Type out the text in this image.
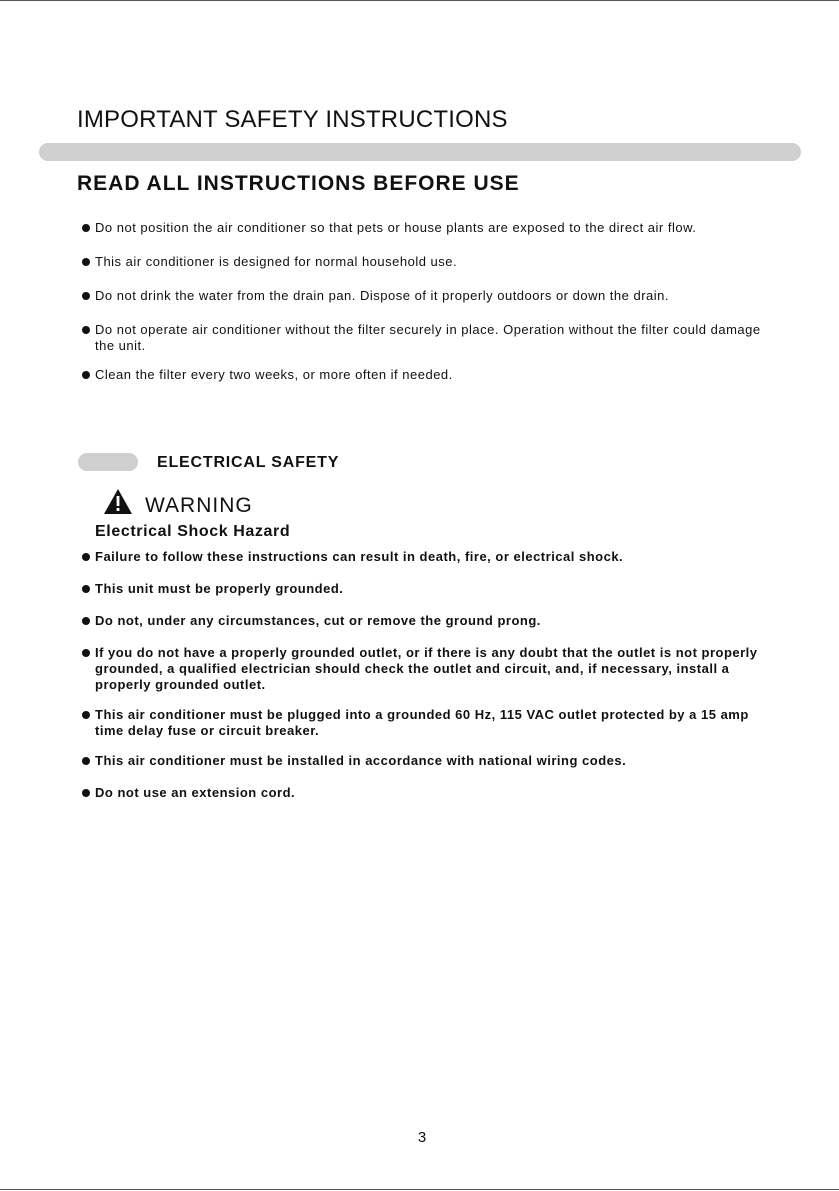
IMPORTANT SAFETY INSTRUCTIONS
READ ALL INSTRUCTIONS BEFORE USE
Do not position the air conditioner so that pets or house plants are exposed to the direct air flow.
This air conditioner is designed for normal household use.
Do not drink the water from the drain pan. Dispose of it properly outdoors or down the drain.
Do not operate air conditioner without the filter securely in place. Operation without the filter could damage the unit.
Clean the filter every two weeks, or more often if needed.
ELECTRICAL SAFETY
WARNING
Electrical Shock Hazard
Failure to follow these instructions can result in death, fire, or electrical shock.
This unit must be properly grounded.
Do not, under any circumstances, cut or remove the ground prong.
If you do not have a properly grounded outlet, or if there is any doubt that the outlet is not properly grounded, a qualified electrician should check the outlet and circuit, and, if necessary, install a properly grounded outlet.
This air conditioner must be plugged into a grounded 60 Hz, 115 VAC outlet protected by a 15 amp time delay fuse or circuit breaker.
This air conditioner must be installed in accordance with national wiring codes.
Do not use an extension cord.
3
